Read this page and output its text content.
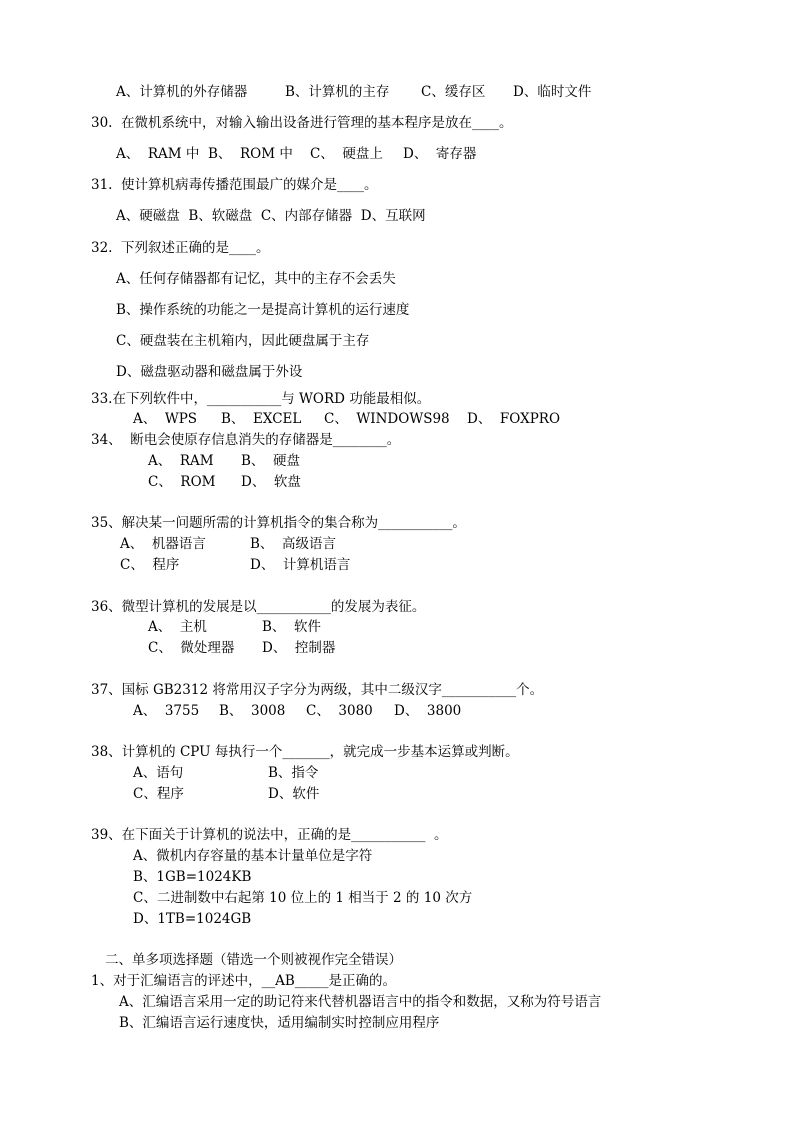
A、计算机的外存储器	B、计算机的主存 C、缓存区 D、临时文件
30.  在微机系统中，对输入输出设备进行管理的基本程序是放在____。
A、  RAM 中 B、  ROM 中 C、  硬盘上 D、  寄存器
31.  使计算机病毒传播范围最广的媒介是____。
A、硬磁盘  B、软磁盘  C、内部存储器  D、互联网
32.  下列叙述正确的是____。
A、任何存储器都有记忆，其中的主存不会丢失
B、操作系统的功能之一是提高计算机的运行速度
C、硬盘装在主机箱内，因此硬盘属于主存
D、磁盘驱动器和磁盘属于外设
33.在下列软件中，___________与 WORD 功能最相似。
A、  WPS B、  EXCEL C、  WINDOWS98 D、  FOXPRO
34、  断电会使原存信息消失的存储器是________。
A、  RAM B、  硬盘
C、  ROM D、  软盘
35、解决某一问题所需的计算机指令的集合称为___________。
A、  机器语言	B、  高级语言
C、  程序	D、  计算机语言
36、微型计算机的发展是以___________的发展为表征。
A、  主机	B、  软件
C、  微处理器 D、  控制器
37、国标 GB2312 将常用汉子字分为两级，其中二级汉字___________个。
A、  3755 B、  3008 C、  3080 D、  3800
38、计算机的 CPU 每执行一个_______，就完成一步基本运算或判断。
A、语句	B、指令
C、程序	D、软件
39、在下面关于计算机的说法中，正确的是___________  。
A、微机内存容量的基本计量单位是字符
B、1GB=1024KB
C、二进制数中右起第 10 位上的 1 相当于 2 的 10 次方
D、1TB=1024GB
二、单多项选择题（错选一个则被视作完全错误）
1、对于汇编语言的评述中，__AB_____是正确的。
A、汇编语言采用一定的助记符来代替机器语言中的指令和数据，又称为符号语言
B、汇编语言运行速度快，适用编制实时控制应用程序
